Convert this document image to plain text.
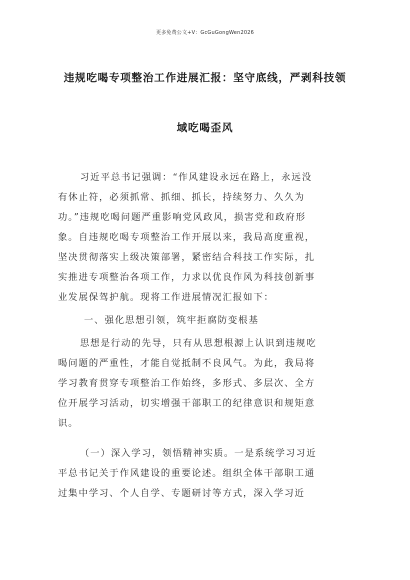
更多免费公文+V：GcGuGongWen2026
违规吃喝专项整治工作进展汇报：坚守底线，严剥科技领
域吃喝歪风
习近平总书记强调：“作风建设永远在路上，永远没
有休止符，必须抓常、抓细、抓长，持续努力、久久为
功。”违规吃喝问题严重影响党风政风，损害党和政府形
象。自违规吃喝专项整治工作开展以来，我局高度重视，
坚决贯彻落实上级决策部署，紧密结合科技工作实际，扎
实推进专项整治各项工作，力求以优良作风为科技创新事
业发展保驾护航。现将工作进展情况汇报如下：
一、强化思想引领，筑牢拒腐防变根基
思想是行动的先导，只有从思想根源上认识到违规吃
喝问题的严重性，才能自觉抵制不良风气。为此，我局将
学习教育贯穿专项整治工作始终，多形式、多层次、全方
位开展学习活动，切实增强干部职工的纪律意识和规矩意
识。
（一）深入学习，领悟精神实质。一是系统学习习近
平总书记关于作风建设的重要论述。组织全体干部职工通
过集中学习、个人自学、专题研讨等方式，深入学习近
